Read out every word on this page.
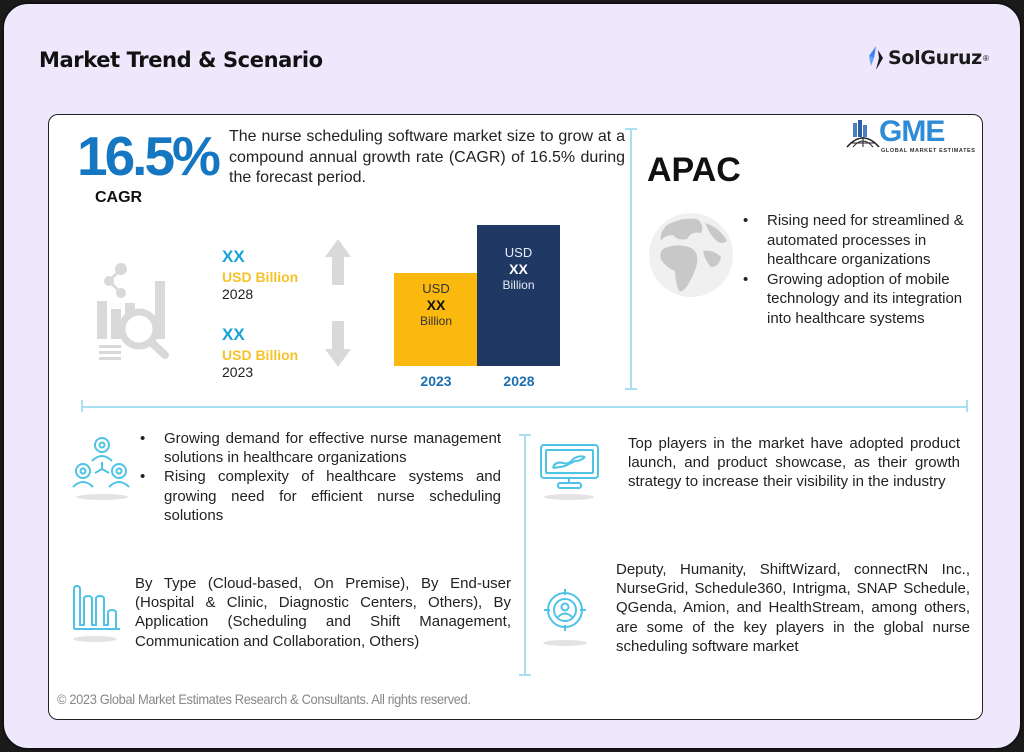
Market Trend & Scenario	SolGuruz ®
GME
GLOBAL MARKET ESTIMATES
16.5%
CAGR
The nurse scheduling software market size to grow at a compound annual growth rate (CAGR) of 16.5% during the forecast period.
XX
USD Billion
2028
XX
USD Billion
2023
USD
XX
Billion
USD
XX
Billion
2023	2028
APAC
• Rising need for streamlined & automated processes in healthcare organizations
• Growing adoption of mobile technology and its integration into healthcare systems
• Growing demand for effective nurse management solutions in healthcare organizations
• Rising complexity of healthcare systems and growing need for efficient nurse scheduling solutions
Top players in the market have adopted product launch, and product showcase, as their growth strategy to increase their visibility in the industry
By Type (Cloud-based, On Premise), By End-user (Hospital & Clinic, Diagnostic Centers, Others), By Application (Scheduling and Shift Management, Communication and Collaboration, Others)
Deputy, Humanity, ShiftWizard, connectRN Inc., NurseGrid, Schedule360, Intrigma, SNAP Schedule, QGenda, Amion, and HealthStream, among others, are some of the key players in the global nurse scheduling software market
© 2023 Global Market Estimates Research & Consultants. All rights reserved.
